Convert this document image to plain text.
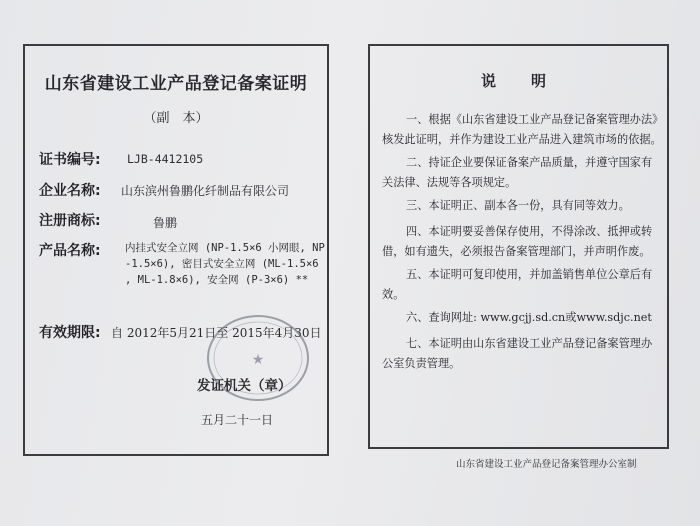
山东省建设工业产品登记备案证明
（副　本）
证书编号: LJB-4412105
企业名称: 山东滨州鲁鹏化纤制品有限公司
注册商标:	鲁鹏
产品名称: 内挂式安全立网 (NP-1.5×6 小网眼, NP
-1.5×6), 密目式安全立网 (ML-1.5×6
, ML-1.8×6), 安全网 (P-3×6) **
有效期限: 自 2012年5月21日至 2015年4月30日
★
发证机关（章）
五月二十一日
说　明
一、根据《山东省建设工业产品登记备案管理办法》核发此证明，并作为建设工业产品进入建筑市场的依据。
二、持证企业要保证备案产品质量，并遵守国家有关法律、法规等各项规定。
三、本证明正、副本各一份，具有同等效力。
四、本证明要妥善保存使用，不得涂改、抵押或转借，如有遗失，必须报告备案管理部门，并声明作废。
五、本证明可复印使用，并加盖销售单位公章后有效。
六、查询网址: www.gcjj.sd.cn或www.sdjc.net
七、本证明由山东省建设工业产品登记备案管理办公室负责管理。
山东省建设工业产品登记备案管理办公室制
